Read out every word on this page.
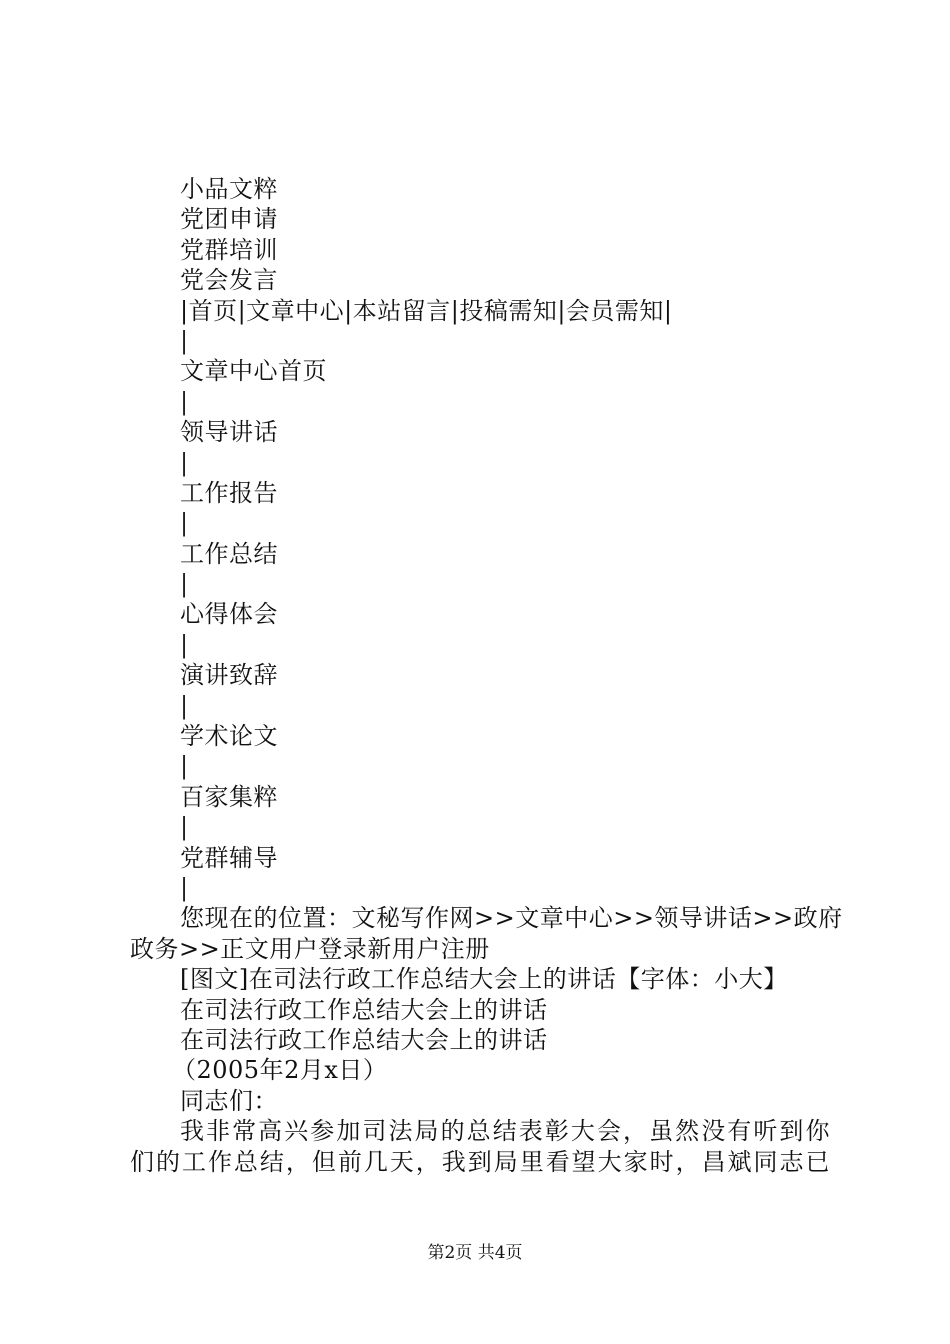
小品文粹
党团申请
党群培训
党会发言
|首页|文章中心|本站留言|投稿需知|会员需知|
|
文章中心首页
|
领导讲话
|
工作报告
|
工作总结
|
心得体会
|
演讲致辞
|
学术论文
|
百家集粹
|
党群辅导
|
您现在的位置：文秘写作网>>文章中心>>领导讲话>>政府
政务>>正文用户登录新用户注册
[图文]在司法行政工作总结大会上的讲话【字体：小大】
在司法行政工作总结大会上的讲话
在司法行政工作总结大会上的讲话
（2005年2月x日）
同志们：
我非常高兴参加司法局的总结表彰大会，虽然没有听到你
们的工作总结，但前几天，我到局里看望大家时，昌斌同志已
第2页 共4页
